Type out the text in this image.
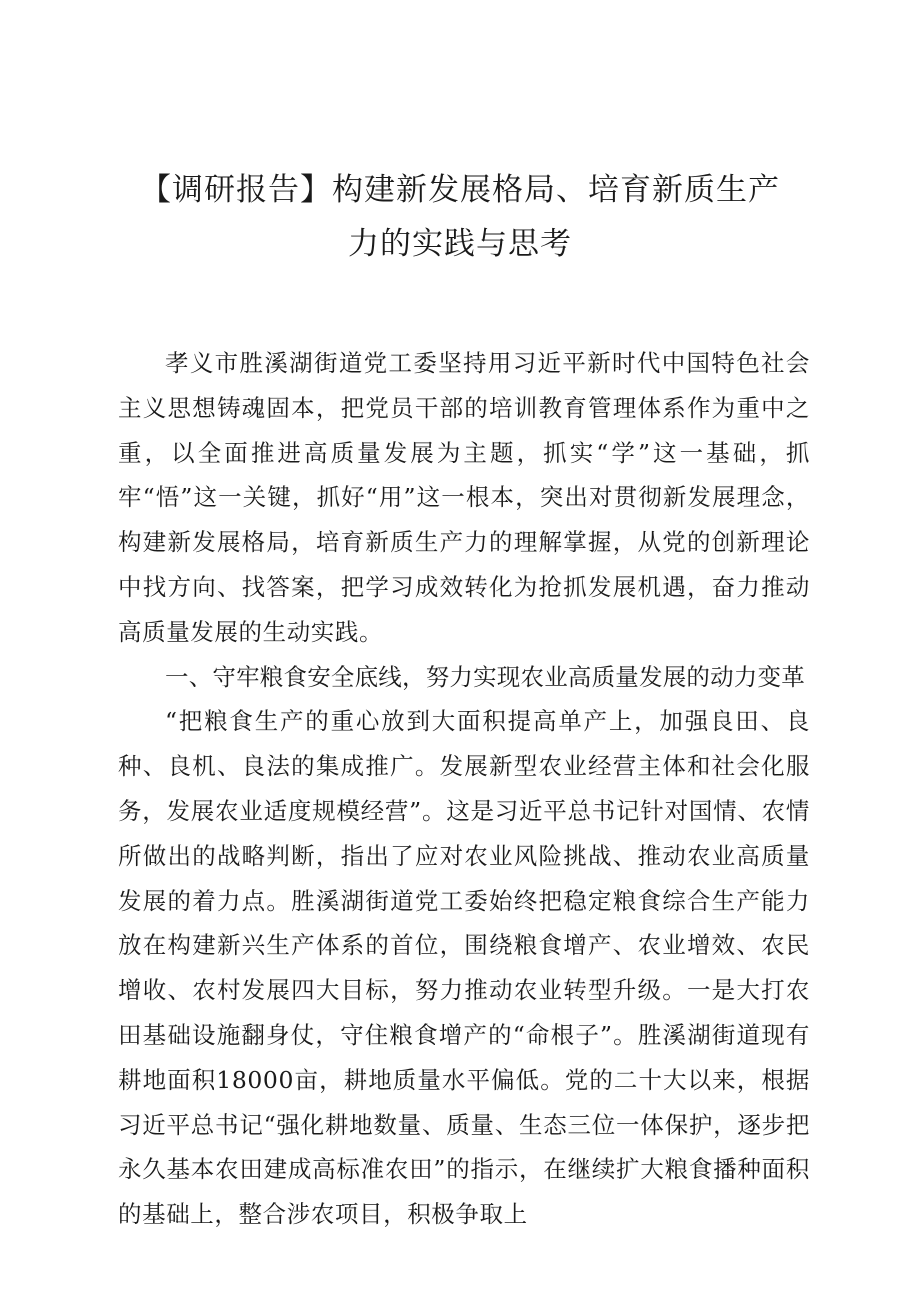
【调研报告】构建新发展格局、培育新质生产
力的实践与思考

孝义市胜溪湖街道党工委坚持用习近平新时代中国特色社会主义思想铸魂固本，把党员干部的培训教育管理体系作为重中之重，以全面推进高质量发展为主题，抓实“学”这一基础，抓牢“悟”这一关键，抓好“用”这一根本，突出对贯彻新发展理念，构建新发展格局，培育新质生产力的理解掌握，从党的创新理论中找方向、找答案，把学习成效转化为抢抓发展机遇，奋力推动高质量发展的生动实践。

一、守牢粮食安全底线，努力实现农业高质量发展的动力变革

“把粮食生产的重心放到大面积提高单产上，加强良田、良种、良机、良法的集成推广。发展新型农业经营主体和社会化服务，发展农业适度规模经营”。这是习近平总书记针对国情、农情所做出的战略判断，指出了应对农业风险挑战、推动农业高质量发展的着力点。胜溪湖街道党工委始终把稳定粮食综合生产能力放在构建新兴生产体系的首位，围绕粮食增产、农业增效、农民增收、农村发展四大目标，努力推动农业转型升级。一是大打农田基础设施翻身仗，守住粮食增产的“命根子”。胜溪湖街道现有耕地面积18000亩，耕地质量水平偏低。党的二十大以来，根据习近平总书记“强化耕地数量、质量、生态三位一体保护，逐步把永久基本农田建成高标准农田”的指示，在继续扩大粮食播种面积的基础上，整合涉农项目，积极争取上
